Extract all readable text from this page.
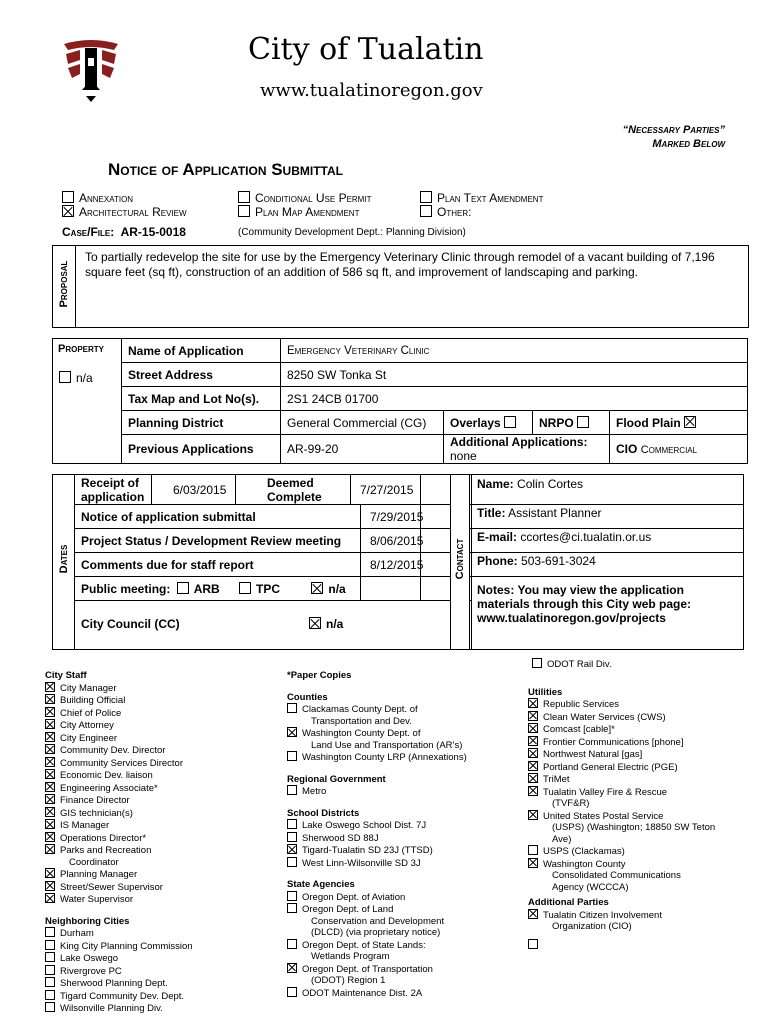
City of Tualatin
www.tualatinoregon.gov
“Necessary Parties”
Marked Below
Notice of Application Submittal
Annexation
Architectural Review
Conditional Use Permit
Plan Map Amendment
Plan Text Amendment
Other:
Case/File: AR-15-0018	(Community Development Dept.: Planning Division)
Proposal
To partially redevelop the site for use by the Emergency Veterinary Clinic through remodel of a vacant building of 7,196 square feet (sq ft), construction of an addition of 586 sq ft, and improvement of landscaping and parking.
Property
n/a
Name of Application	Emergency Veterinary Clinic			
Street Address	8250 SW Tonka St			
Tax Map and Lot No(s).	2S1 24CB 01700			
Planning District	General Commercial (CG)	Overlays	NRPO	Flood Plain
Previous Applications	AR-99-20	Additional Applications: none		CIO Commercial
Dates
Receipt of application	6/03/2015	Deemed Complete	7/27/2015
Notice of application submittal	7/29/2015
Project Status / Development Review meeting 8/06/2015
Comments due for staff report	8/12/2015
Public meeting: ARB	TPC	n/a
City Council (CC)	n/a
Contact
Name: Colin Cortes
Title: Assistant Planner
E-mail: ccortes@ci.tualatin.or.us
Phone: 503-691-3024
Notes: You may view the application materials through this City web page: www.tualatinoregon.gov/projects
City Staff
City Manager
Building Official
Chief of Police
City Attorney
City Engineer
Community Dev. Director
Community Services Director
Economic Dev. liaison
Engineering Associate*
Finance Director
GIS technician(s)
IS Manager
Operations Director*
Parks and Recreation
Coordinator
Planning Manager
Street/Sewer Supervisor
Water Supervisor
Neighboring Cities
Durham
King City Planning Commission
Lake Oswego
Rivergrove PC
Sherwood Planning Dept.
Tigard Community Dev. Dept.
Wilsonville Planning Div.
*Paper Copies
Counties
Clackamas County Dept. of
Transportation and Dev.
Washington County Dept. of
Land Use and Transportation (AR’s)
Washington County LRP (Annexations)
Regional Government
Metro
School Districts
Lake Oswego School Dist. 7J
Sherwood SD 88J
Tigard-Tualatin SD 23J (TTSD)
West Linn-Wilsonville SD 3J
State Agencies
Oregon Dept. of Aviation
Oregon Dept. of Land
Conservation and Development
(DLCD) (via proprietary notice)
Oregon Dept. of State Lands:
Wetlands Program
Oregon Dept. of Transportation
(ODOT) Region 1
ODOT Maintenance Dist. 2A
ODOT Rail Div.
Utilities
Republic Services
Clean Water Services (CWS)
Comcast [cable]*
Frontier Communications [phone]
Northwest Natural [gas]
Portland General Electric (PGE)
TriMet
Tualatin Valley Fire & Rescue
(TVF&R)
United States Postal Service
(USPS) (Washington; 18850 SW Teton
Ave)
USPS (Clackamas)
Washington County
Consolidated Communications
Agency (WCCCA)
Additional Parties
Tualatin Citizen Involvement
Organization (CIO)
